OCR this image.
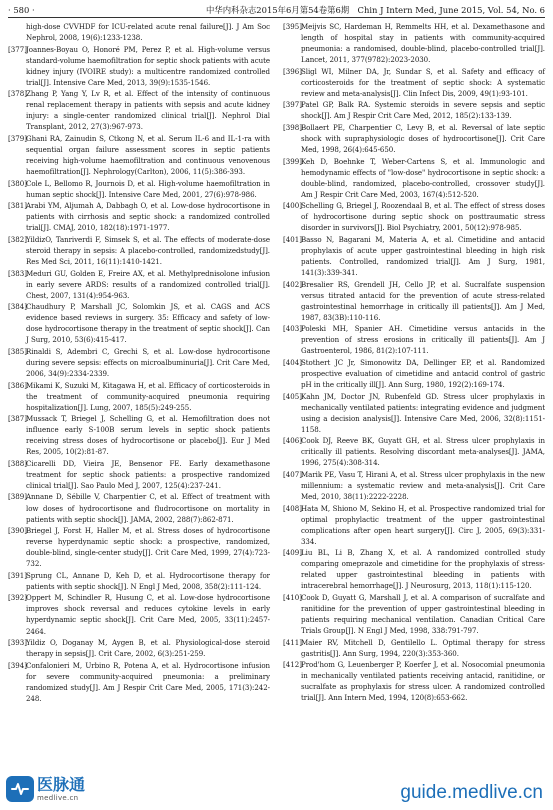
· 580 ·	中华内科杂志2015年6月第54卷第6期　Chin J Intern Med, June 2015, Vol. 54, No. 6
high-dose CVVHDF for ICU-related acute renal failure[J]. J Am Soc Nephrol, 2008, 19(6):1233-1238.
[377] Joannes-Boyau O, Honoré PM, Perez P, et al. High-volume versus standard-volume haemofiltration for septic shock patients with acute kidney injury (IVOIRE study): a multicentre randomized controlled trial[J]. Intensive Care Med, 2013, 39(9):1535-1546.
[378] Zhang P, Yang Y, Lv R, et al. Effect of the intensity of continuous renal replacement therapy in patients with sepsis and acute kidney injury: a single-center randomized clinical trial[J]. Nephrol Dial Transplant, 2012, 27(3):967-973.
[379] Ghani RA, Zainudin S, Ctkong N, et al. Serum IL-6 and IL-1-ra with sequential organ failure assessment scores in septic patients receiving high-volume haemofiltration and continuous venovenous haemofiltration[J]. Nephrology(Carlton), 2006, 11(5):386-393.
[380] Cole L, Bellomo R, Journois D, et al. High-volume haemofiltration in human septic shock[J]. Intensive Care Med, 2001, 27(6):978-986.
[381] Arabi YM, Aljumah A, Dabbagh O, et al. Low-dose hydrocortisone in patients with cirrhosis and septic shock: a randomized controlled trial[J]. CMAJ, 2010, 182(18):1971-1977.
[382] YildizO, Tanriverdi F, Simsek S, et al. The effects of moderate-dose steroid therapy in sepsis: A placebo-controlled, randomizedstudy[J]. Res Med Sci, 2011, 16(11):1410-1421.
[383] Meduri GU, Golden E, Freire AX, et al. Methylprednisolone infusion in early severe ARDS: results of a randomized controlled trial[J]. Chest, 2007, 131(4):954-963.
[384] Chaudhury P, Marshall JC, Solomkin JS, et al. CAGS and ACS evidence based reviews in surgery. 35: Efficacy and safety of low-dose hydrocortisone therapy in the treatment of septic shock[J]. Can J Surg, 2010, 53(6):415-417.
[385] Rinaldi S, Adembri C, Grechi S, et al. Low-dose hydrocortisone during severe sepsis: effects on microalbuminuria[J]. Crit Care Med, 2006, 34(9):2334-2339.
[386] Mikami K, Suzuki M, Kitagawa H, et al. Efficacy of corticosteroids in the treatment of community-acquired pneumonia requiring hospitalization[J]. Lung, 2007, 185(5):249-255.
[387] Mussack T, Briegel J, Schelling G, et al. Hemofiltration does not influence early S-100B serum levels in septic shock patients receiving stress doses of hydrocortisone or placebo[J]. Eur J Med Res, 2005, 10(2):81-87.
[388] Cicarelli DD, Vieira JE, Bensenor FE. Early dexamethasone treatment for septic shock patients: a prospective randomized clinical trial[J]. Sao Paulo Med J, 2007, 125(4):237-241.
[389] Annane D, Sébille V, Charpentier C, et al. Effect of treatment with low doses of hydrocortisone and fludrocortisone on mortality in patients with septic shock[J]. JAMA, 2002, 288(7):862-871.
[390] Briegel J, Forst H, Haller M, et al. Stress doses of hydrocortisone reverse hyperdynamic septic shock: a prospective, randomized, double-blind, single-center study[J]. Crit Care Med, 1999, 27(4):723-732.
[391] Sprung CL, Annane D, Keh D, et al. Hydrocortisone therapy for patients with septic shock[J]. N Engl J Med, 2008, 358(2):111-124.
[392] Oppert M, Schindler R, Husung C, et al. Low-dose hydrocortisone improves shock reversal and reduces cytokine levels in early hyperdynamic septic shock[J]. Crit Care Med, 2005, 33(11):2457-2464.
[393] Yildiz O, Doganay M, Aygen B, et al. Physiological-dose steroid therapy in sepsis[J]. Crit Care, 2002, 6(3):251-259.
[394] Confalonieri M, Urbino R, Potena A, et al. Hydrocortisone infusion for severe community-acquired pneumonia: a preliminary randomized study[J]. Am J Respir Crit Care Med, 2005, 171(3):242-248.
[395] Meijvis SC, Hardeman H, Remmelts HH, et al. Dexamethasone and length of hospital stay in patients with community-acquired pneumonia: a randomised, double-blind, placebo-controlled trial[J]. Lancet, 2011, 377(9782):2023-2030.
[396] Sligl WI, Milner DA, Jr, Sundar S, et al. Safety and efficacy of corticosteroids for the treatment of septic shock: A systematic review and meta-analysis[J]. Clin Infect Dis, 2009, 49(1):93-101.
[397] Patel GP, Balk RA. Systemic steroids in severe sepsis and septic shock[J]. Am J Respir Crit Care Med, 2012, 185(2):133-139.
[398] Bollaert PE, Charpentier C, Levy B, et al. Reversal of late septic shock with supraphysiologic doses of hydrocortisone[J]. Crit Care Med, 1998, 26(4):645-650.
[399] Keh D, Boehnke T, Weber-Cartens S, et al. Immunologic and hemodynamic effects of "low-dose" hydrocortisone in septic shock: a double-blind, randomized, placebo-controlled, crossover study[J]. Am J Respir Crit Care Med, 2003, 167(4):512-520.
[400] Schelling G, Briegel J, Roozendaal B, et al. The effect of stress doses of hydrocortisone during septic shock on posttraumatic stress disorder in survivors[J]. Biol Psychiatry, 2001, 50(12):978-985.
[401] Basso N, Bagarani M, Materia A, et al. Cimetidine and antacid prophylaxis of acute upper gastrointestinal bleeding in high risk patients. Controlled, randomized trial[J]. Am J Surg, 1981, 141(3):339-341.
[402] Bresalier RS, Grendell JH, Cello JP, et al. Sucralfate suspension versus titrated antacid for the prevention of acute stress-related gastrointestinal hemorrhage in critically ill patients[J]. Am J Med, 1987, 83(3B):110-116.
[403] Poleski MH, Spanier AH. Cimetidine versus antacids in the prevention of stress erosions in critically ill patients[J]. Am J Gastroenterol, 1986, 81(2):107-111.
[404] Stothert JC Jr, Simonowitz DA, Dellinger EP, et al. Randomized prospective evaluation of cimetidine and antacid control of gastric pH in the critically ill[J]. Ann Surg, 1980, 192(2):169-174.
[405] Kahn JM, Doctor JN, Rubenfeld GD. Stress ulcer prophylaxis in mechanically ventilated patients: integrating evidence and judgment using a decision analysis[J]. Intensive Care Med, 2006, 32(8):1151-1158.
[406] Cook DJ, Reeve BK, Guyatt GH, et al. Stress ulcer prophylaxis in critically ill patients. Resolving discordant meta-analyses[J]. JAMA, 1996, 275(4):308-314.
[407] Marik PE, Vasu T, Hirani A, et al. Stress ulcer prophylaxis in the new millennium: a systematic review and meta-analysis[J]. Crit Care Med, 2010, 38(11):2222-2228.
[408] Hata M, Shiono M, Sekino H, et al. Prospective randomized trial for optimal prophylactic treatment of the upper gastrointestinal complications after open heart surgery[J]. Circ J, 2005, 69(3):331-334.
[409] Liu BL, Li B, Zhang X, et al. A randomized controlled study comparing omeprazole and cimetidine for the prophylaxis of stress-related upper gastrointestinal bleeding in patients with intracerebral hemorrhage[J]. J Neurosurg, 2013, 118(1):115-120.
[410] Cook D, Guyatt G, Marshall J, et al. A comparison of sucralfate and ranitidine for the prevention of upper gastrointestinal bleeding in patients requiring mechanical ventilation. Canadian Critical Care Trials Group[J]. N Engl J Med, 1998, 338:791-797.
[411] Maier RV, Mitchell D, Gentilello L. Optimal therapy for stress gastritis[J]. Ann Surg, 1994, 220(3):353-360.
[412] Prod'hom G, Leuenberger P, Koerfer J, et al. Nosocomial pneumonia in mechanically ventilated patients receiving antacid, ranitidine, or sucralfate as prophylaxis for stress ulcer. A randomized controlled trial[J]. Ann Intern Med, 1994, 120(8):653-662.
医脉通
medlive.cn	guide.medlive.cn
